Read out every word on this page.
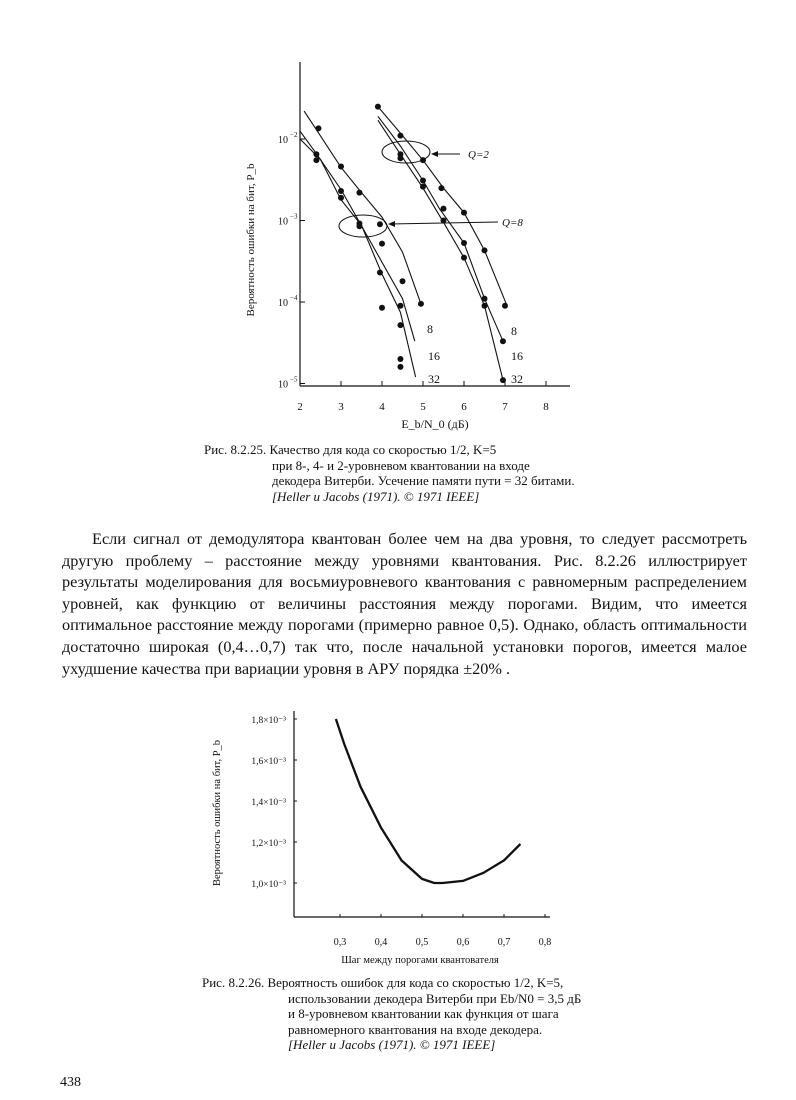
2	3	4	5	6	7	8
10 −5
10 −4
10 −3
10 −2
Вероятность ошибки на бит, P_b
E_b/N_0 (дБ)
Q=2
Q=8
8
16
32
8
16
32
Рис. 8.2.25. Качество для кода со скоростью 1/2, K=5
при 8-, 4- и 2-уровневом квантовании на входе
декодера Витерби. Усечение памяти пути = 32 битами.
[Heller и Jacobs (1971). © 1971 IEEE]
Если сигнал от демодулятора квантован более чем на два уровня, то следует рассмотреть другую проблему – расстояние между уровнями квантования. Рис. 8.2.26 иллюстрирует результаты моделирования для восьмиуровневого квантования с равномерным распределением уровней, как функцию от величины расстояния между порогами. Видим, что имеется оптимальное расстояние между порогами (примерно равное 0,5). Однако, область оптимальности достаточно широкая (0,4…0,7) так что, после начальной установки порогов, имеется малое ухудшение качества при вариации уровня в АРУ порядка ±20% .
0,3	0,4	0,5	0,6	0,7	0,8
1,0×10⁻³
1,2×10⁻³
1,4×10⁻³
1,6×10⁻³
1,8×10⁻³
Вероятность ошибки на бит, P_b
Шаг между порогами квантователя
Рис. 8.2.26. Вероятность ошибок для кода со скоростью 1/2, K=5,
использовании декодера Витерби при Eb/N0 = 3,5 дБ
и 8-уровневом квантовании как функция от шага
равномерного квантования на входе декодера.
[Heller и Jacobs (1971). © 1971 IEEE]
438
